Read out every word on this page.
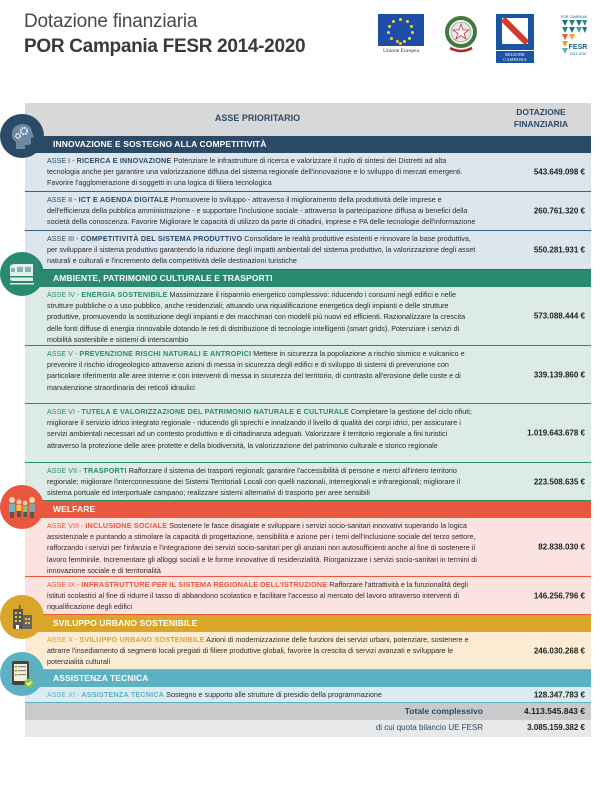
Dotazione finanziaria
POR Campania FESR 2014-2020	Unione Europea
REGIONE CAMPANIA
POR CAMPANIA
FESR
2014-2020
ASSE PRIORITARIO
DOTAZIONE FINANZIARIA
INNOVAZIONE E SOSTEGNO ALLA COMPETITIVITÀ
ASSE I - RICERCA E INNOVAZIONE Potenziare le infrastrutture di ricerca e valorizzare il ruolo di sintesi dei Distretti ad alta tecnologia anche per garantire una valorizzazione diffusa del sistema regionale dell'innovazione e lo sviluppo di mercati emergenti. Favorire l'agglomerazione di soggetti in una logica di filiera tecnologica
543.649.098 €
ASSE II - ICT E AGENDA DIGITALE Promuovere lo sviluppo - attraverso il miglioramento della produttività delle imprese e dell'efficienza della pubblica amministrazione - e supportare l'inclusione sociale - attraverso la partecipazione diffusa ai benefici della società della conoscenza. Favorire Migliorare le capacità di utilizzo da parte di cittadini, imprese e PA delle tecnologie dell'informazione
260.761.320 €
ASSE III - COMPETITIVITÀ DEL SISTEMA PRODUTTIVO Consolidare le realtà produttive esistenti e rinnovare la base produttiva, per sviluppare il sistema produttivo garantendo la riduzione degli impatti ambientali del sistema produttivo, la valorizzazione degli asset naturali e culturali e l'incremento della competitività delle destinazioni turistiche
550.281.931 €
AMBIENTE, PATRIMONIO CULTURALE E TRASPORTI
ASSE IV - ENERGIA SOSTENIBILE Massimizzare il risparmio energetico complessivo: riducendo i consumi negli edifici e nelle strutture pubbliche o a uso pubblico, anche residenziali; attuando una riqualificazione energetica degli impianti e delle strutture produttive, promuovendo la sostituzione degli impianti e dei macchinari con modelli più nuovi ed efficienti. Razionalizzare la crescita delle fonti diffuse di energia rinnovabile dotando le reti di distribuzione di tecnologie intelligenti (smart grids). Potenziare i servizi di mobilità sostenibile e sistemi di interscambio
573.088.444 €
ASSE V - PREVENZIONE RISCHI NATURALI E ANTROPICI Mettere in sicurezza la popolazione a rischio sismico e vulcanico e prevenire il rischio idrogeologico attraverso azioni di messa in sicurezza degli edifici e di sviluppo di sistemi di prevenzione con particolare riferimento alle aree interne e con interventi di messa in sicurezza del territorio, di contrasto all'erosione delle coste e di manutenzione straordinaria dei reticoli idraulici
339.139.860 €
ASSE VI - TUTELA E VALORIZZAZIONE DEL PATRIMONIO NATURALE E CULTURALE Completare la gestione del ciclo rifiuti; migliorare il servizio idrico integrato regionale - riducendo gli sprechi e innalzando il livello di qualità dei corpi idrici, per assicurare i servizi ambientali necessari ad un contesto produttivo e di cittadinanza adeguati. Valorizzare il territorio regionale a fini turistici attraverso la protezione delle aree protette e della biodiversità, la valorizzazione del patrimonio culturale e storico regionale
1.019.643.678 €
ASSE VII - TRASPORTI Rafforzare il sistema dei trasporti regionali; garantire l'accessibilità di persone e merci all'intero territorio regionale; migliorare l'interconnessione dei Sistemi Territoriali Locali con quelli nazionali, interregionali e infraregionali; migliorare il sistema portuale ed interportuale campano; realizzare sistemi alternativi di trasporto per aree sensibili
223.508.635 €
WELFARE
ASSE VIII - INCLUSIONE SOCIALE Sostenere le fasce disagiate e sviluppare i servizi socio-sanitari innovativi superando la logica assistenziale e puntando a stimolare la capacità di progettazione, sensibilità e azione per i temi dell'inclusione sociale del terzo settore, rafforzando i servizi per l'infanzia e l'integrazione dei servizi socio-sanitari per gli anziani non autosufficienti anche al fine di sostenere il lavoro femminile. Incrementare gli alloggi sociali e le forme innovative di residenzialità. Riorganizzare i servizi socio-sanitari in termini di innovazione sociale e di territorialità
82.838.030 €
ASSE IX - INFRASTRUTTURE PER IL SISTEMA REGIONALE DELL'ISTRUZIONE Rafforzare l'attrattività e la funzionalità degli istituti scolastici al fine di ridurre il tasso di abbandono scolastico e facilitare l'accesso al mercato del lavoro attraverso interventi di riqualificazione degli edifici
146.256.796 €
SVILUPPO URBANO SOSTENIBILE
ASSE X - SVILUPPO URBANO SOSTENIBILE Azioni di modernizzazione delle funzioni dei servizi urbani, potenziare, sostenere e attrarre l'insediamento di segmenti locali pregiati di filiere produttive globali, favorire la crescita di servizi avanzati e sviluppare le potenzialità culturali
246.030.268 €
ASSISTENZA TECNICA
ASSE XI - ASSISTENZA TECNICA Sostegno e supporto alle strutture di presidio della programmazione	128.347.783 €
Totale complessivo	4.113.545.843 €
di cui quota bilancio UE FESR	3.085.159.382 €
